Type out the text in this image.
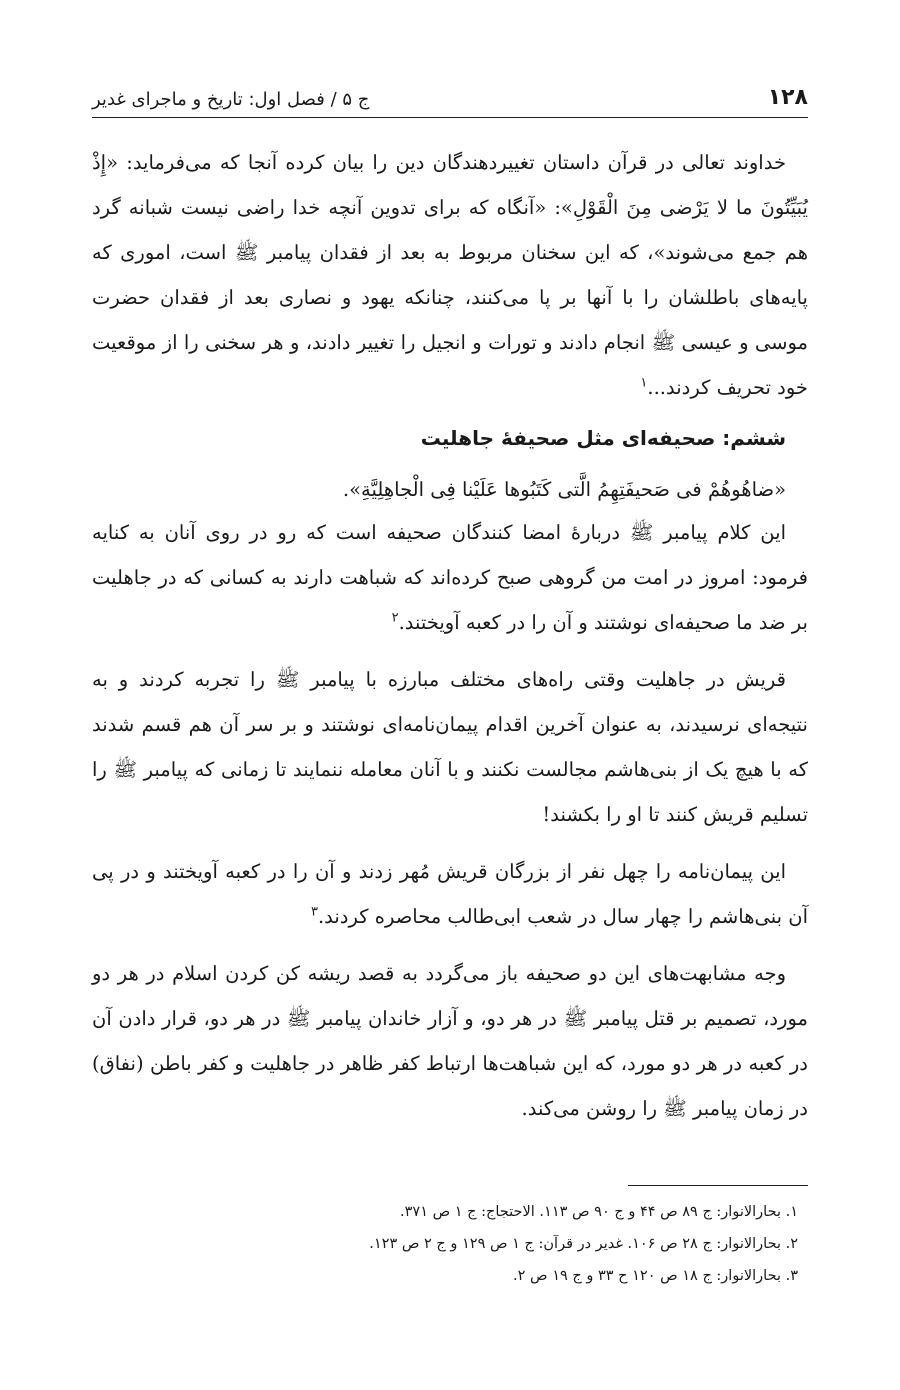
۱۲۸
ج ۵ / فصل اول: تاریخ و ماجرای غدیر

خداوند تعالی در قرآن داستان تغییردهندگان دین را بیان کرده آنجا که می‌فرماید: «إِذْ يُبَيِّتُونَ ما لا يَرْضى مِنَ الْقَوْلِ»: «آنگاه که برای تدوین آنچه خدا راضی نیست شبانه گرد هم جمع می‌شوند»، که این سخنان مربوط به بعد از فقدان پیامبر ﷺ است، اموری که پایه‌های باطلشان را با آنها بر پا می‌کنند، چنانکه یهود و نصاری بعد از فقدان حضرت موسی و عیسی ﷺ انجام دادند و تورات و انجیل را تغییر دادند، و هر سخنی را از موقعیت خود تحریف کردند...$^۱$

ششم: صحیفه‌ای مثل صحیفهٔ جاهلیت

«ضاهُوهُمْ فی صَحیفَتِهِمُ الَّتی کَتَبُوها عَلَیْنا فِی الْجاهِلِیَّةِ».

این کلام پیامبر ﷺ دربارهٔ امضا کنندگان صحیفه است که رو در روی آنان به کنایه فرمود: امروز در امت من گروهی صبح کرده‌اند که شباهت دارند به کسانی که در جاهلیت بر ضد ما صحیفه‌ای نوشتند و آن را در کعبه آویختند.$^۲$

قریش در جاهلیت وقتی راه‌های مختلف مبارزه با پیامبر ﷺ را تجربه کردند و به نتیجه‌ای نرسیدند، به عنوان آخرین اقدام پیمان‌نامه‌ای نوشتند و بر سر آن هم قسم شدند که با هیچ یک از بنی‌هاشم مجالست نکنند و با آنان معامله ننمایند تا زمانی که پیامبر ﷺ را تسلیم قریش کنند تا او را بکشند!

این پیمان‌نامه را چهل نفر از بزرگان قریش مُهر زدند و آن را در کعبه آویختند و در پی آن بنی‌هاشم را چهار سال در شعب ابی‌طالب محاصره کردند.$^۳$

وجه مشابهت‌های این دو صحیفه باز می‌گردد به قصد ریشه کن کردن اسلام در هر دو مورد، تصمیم بر قتل پیامبر ﷺ در هر دو، و آزار خاندان پیامبر ﷺ در هر دو، قرار دادن آن در کعبه در هر دو مورد، که این شباهت‌ها ارتباط کفر ظاهر در جاهلیت و کفر باطن (نفاق) در زمان پیامبر ﷺ را روشن می‌کند.

۱. بحارالانوار: ج ۸۹ ص ۴۴ و ج ۹۰ ص ۱۱۳. الاحتجاج: ج ۱ ص ۳۷۱.
۲. بحارالانوار: ج ۲۸ ص ۱۰۶. غدیر در قرآن: ج ۱ ص ۱۲۹ و ج ۲ ص ۱۲۳.
۳. بحارالانوار: ج ۱۸ ص ۱۲۰ ح ۳۳ و ج ۱۹ ص ۲.
